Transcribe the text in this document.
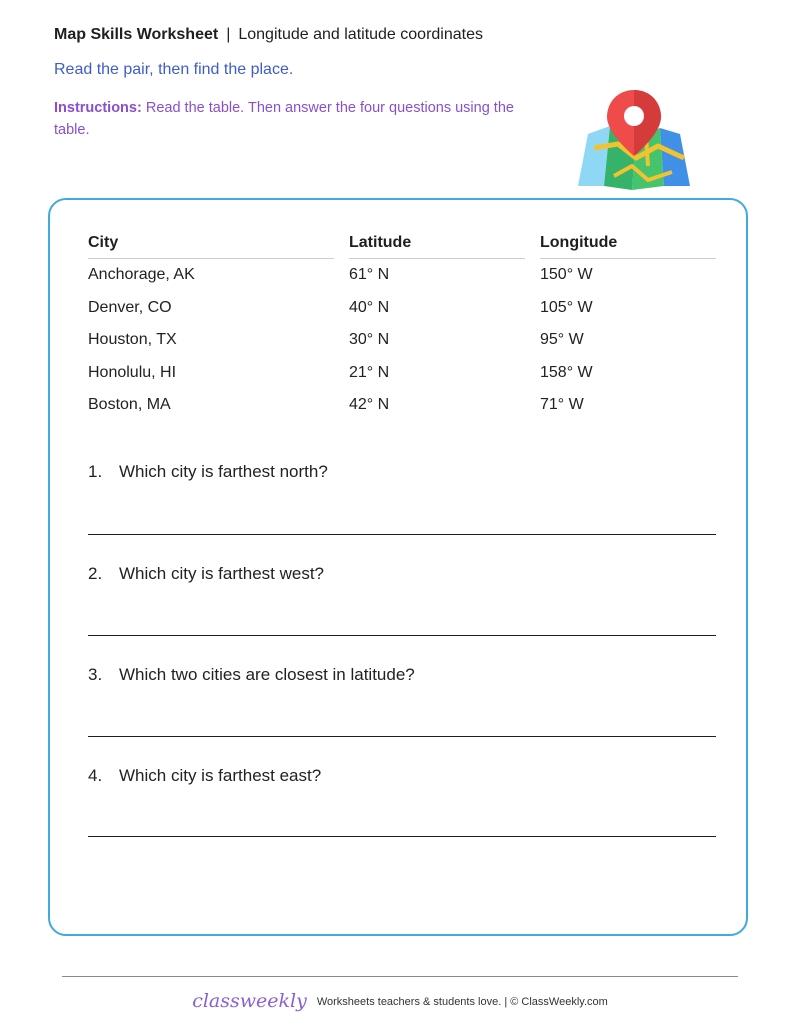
Map Skills Worksheet | Longitude and latitude coordinates
Read the pair, then find the place.
Instructions: Read the table. Then answer the four questions using the table.
City		Latitude		Longitude
Anchorage, AK		61° N		150° W
Denver, CO		40° N		105° W
Houston, TX		30° N		95° W
Honolulu, HI		21° N		158° W
Boston, MA		42° N		71° W
1. Which city is farthest north?
2. Which city is farthest west?
3. Which two cities are closest in latitude?
4. Which city is farthest east?
classweekly Worksheets teachers & students love. | © ClassWeekly.com
